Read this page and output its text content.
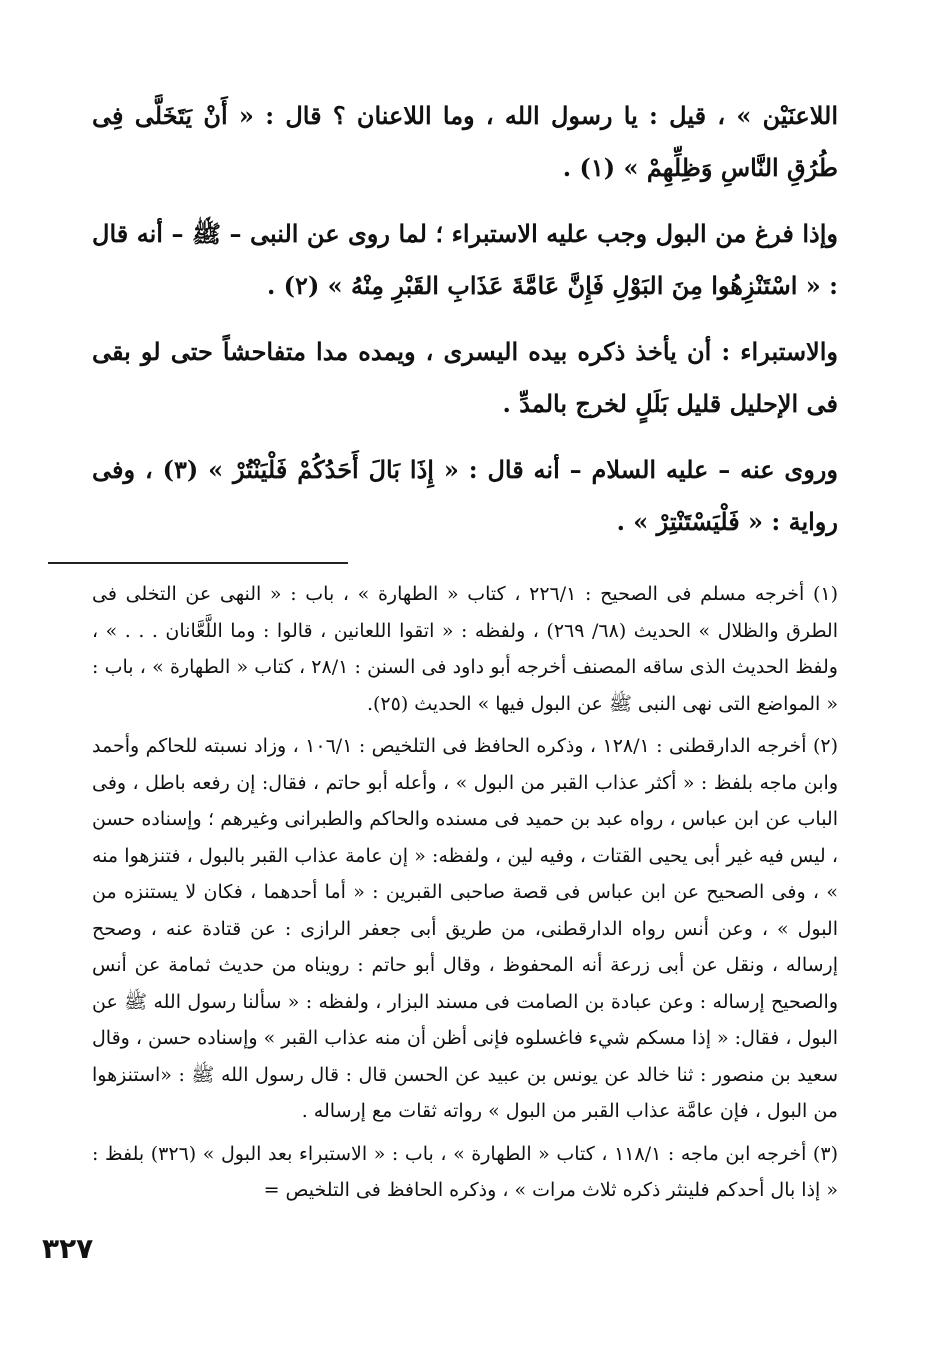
اللاعنَيْن » ، قيل : يا رسول الله ، وما اللاعنان ؟ قال : « أَنْ يَتَخَلَّى فِى طُرُقِ النَّاسِ وَظِلِّهِمْ » (١) .

وإذا فرغ من البول وجب عليه الاستبراء ؛ لما روى عن النبى – ﷺ – أنه قال : « اسْتَنْزِهُوا مِنَ البَوْلِ فَإِنَّ عَامَّةَ عَذَابِ القَبْرِ مِنْهُ » (٢) .

والاستبراء : أن يأخذ ذكره بيده اليسرى ، ويمده مدا متفاحشاً حتى لو بقى فى الإحليل قليل بَلَلٍ لخرج بالمدِّ .

وروى عنه – عليه السلام – أنه قال : « إِذَا بَالَ أَحَدُكُمْ فَلْيَنْتُرْ » (٣) ، وفى رواية : « فَلْيَسْتَنْتِرْ » .

(١) أخرجه مسلم فى الصحيح : ٢٢٦/١ ، كتاب « الطهارة » ، باب : « النهى عن التخلى فى الطرق والظلال » الحديث (٦٨/ ٢٦٩) ، ولفظه : « اتقوا اللعانين ، قالوا : وما اللَّعَّانان . . . » ، ولفظ الحديث الذى ساقه المصنف أخرجه أبو داود فى السنن : ٢٨/١ ، كتاب « الطهارة » ، باب : « المواضع التى نهى النبى ﷺ عن البول فيها » الحديث (٢٥).

(٢) أخرجه الدارقطنى : ١٢٨/١ ، وذكره الحافظ فى التلخيص : ١٠٦/١ ، وزاد نسبته للحاكم وأحمد وابن ماجه بلفظ : « أكثر عذاب القبر من البول » ، وأعله أبو حاتم ، فقال: إن رفعه باطل ، وفى الباب عن ابن عباس ، رواه عبد بن حميد فى مسنده والحاكم والطبرانى وغيرهم ؛ وإسناده حسن ، ليس فيه غير أبى يحيى القتات ، وفيه لين ، ولفظه: « إن عامة عذاب القبر بالبول ، فتنزهوا منه » ، وفى الصحيح عن ابن عباس فى قصة صاحبى القبرين : « أما أحدهما ، فكان لا يستنزه من البول » ، وعن أنس رواه الدارقطنى، من طريق أبى جعفر الرازى : عن قتادة عنه ، وصحح إرساله ، ونقل عن أبى زرعة أنه المحفوظ ، وقال أبو حاتم : رويناه من حديث ثمامة عن أنس والصحيح إرساله : وعن عبادة بن الصامت فى مسند البزار ، ولفظه : « سألنا رسول الله ﷺ عن البول ، فقال: « إذا مسكم شيء فاغسلوه فإنى أظن أن منه عذاب القبر » وإسناده حسن ، وقال سعيد بن منصور : ثنا خالد عن يونس بن عبيد عن الحسن قال : قال رسول الله ﷺ : «استنزهوا من البول ، فإن عامَّة عذاب القبر من البول » رواته ثقات مع إرساله .

(٣) أخرجه ابن ماجه : ١١٨/١ ، كتاب « الطهارة » ، باب : « الاستبراء بعد البول » (٣٢٦) بلفظ : « إذا بال أحدكم فلينثر ذكره ثلاث مرات » ، وذكره الحافظ فى التلخيص =

٣٢٧
